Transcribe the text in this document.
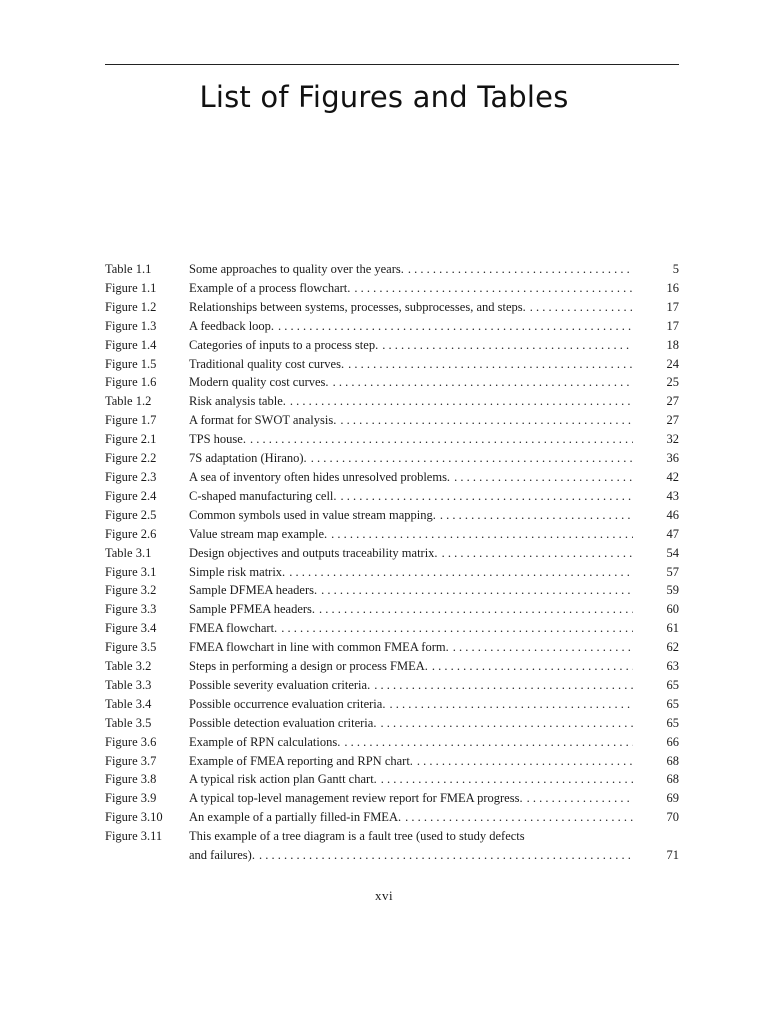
List of Figures and Tables
Table 1.1	Some approaches to quality over the years. . . .	5
Figure 1.1	Example of a process flowchart. . . .	16
Figure 1.2	Relationships between systems, processes, subprocesses, and steps. . . .	17
Figure 1.3	A feedback loop. . . .	17
Figure 1.4	Categories of inputs to a process step. . . .	18
Figure 1.5	Traditional quality cost curves. . . .	24
Figure 1.6	Modern quality cost curves. . . .	25
Table 1.2	Risk analysis table. . . .	27
Figure 1.7	A format for SWOT analysis. . . .	27
Figure 2.1	TPS house. . . .	32
Figure 2.2	7S adaptation (Hirano). . . .	36
Figure 2.3	A sea of inventory often hides unresolved problems. . . .	42
Figure 2.4	C-shaped manufacturing cell. . . .	43
Figure 2.5	Common symbols used in value stream mapping. . . .	46
Figure 2.6	Value stream map example. . . .	47
Table 3.1	Design objectives and outputs traceability matrix. . . .	54
Figure 3.1	Simple risk matrix. . . .	57
Figure 3.2	Sample DFMEA headers. . . .	59
Figure 3.3	Sample PFMEA headers. . . .	60
Figure 3.4	FMEA flowchart. . . .	61
Figure 3.5	FMEA flowchart in line with common FMEA form. . . .	62
Table 3.2	Steps in performing a design or process FMEA. . . .	63
Table 3.3	Possible severity evaluation criteria. . . .	65
Table 3.4	Possible occurrence evaluation criteria. . . .	65
Table 3.5	Possible detection evaluation criteria. . . .	65
Figure 3.6	Example of RPN calculations. . . .	66
Figure 3.7	Example of FMEA reporting and RPN chart. . . .	68
Figure 3.8	A typical risk action plan Gantt chart. . . .	68
Figure 3.9	A typical top-level management review report for FMEA progress. . . .	69
Figure 3.10	An example of a partially filled-in FMEA. . . .	70
Figure 3.11	This example of a tree diagram is a fault tree (used to study defects
and failures). . . .	71
xvi
